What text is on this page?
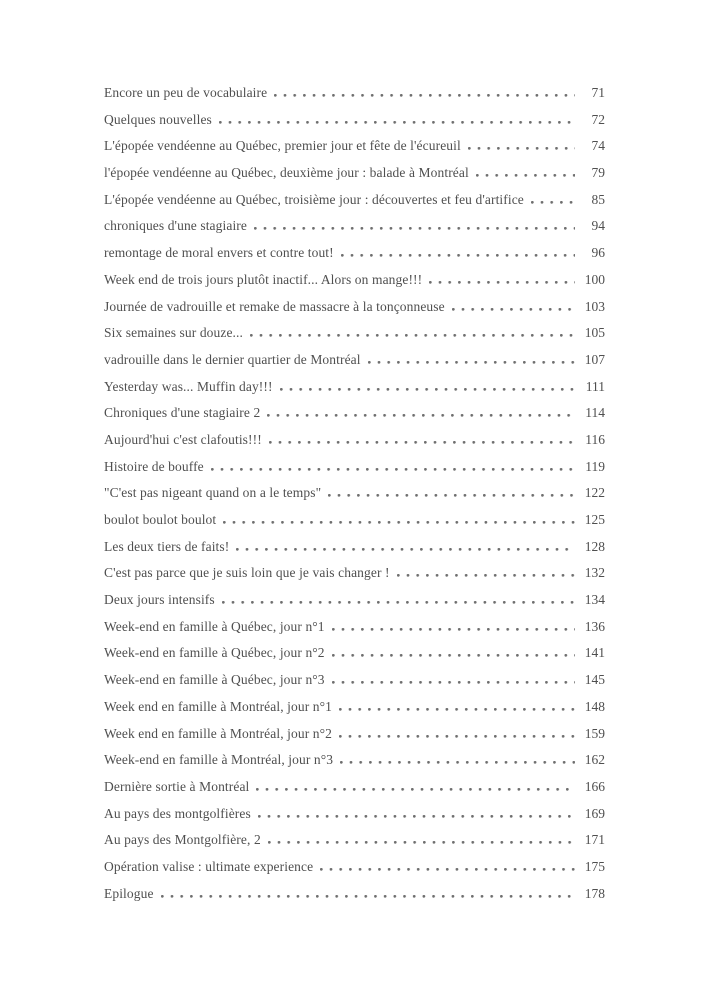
Encore un peu de vocabulaire	71
Quelques nouvelles	72
L'épopée vendéenne au Québec, premier jour et fête de l'écureuil	74
l'épopée vendéenne au Québec, deuxième jour : balade à Montréal	79
L'épopée vendéenne au Québec, troisième jour : découvertes et feu d'artifice	85
chroniques d'une stagiaire	94
remontage de moral envers et contre tout!	96
Week end de trois jours plutôt inactif... Alors on mange!!!	100
Journée de vadrouille et remake de massacre à la tonçonneuse	103
Six semaines sur douze...	105
vadrouille dans le dernier quartier de Montréal	107
Yesterday was... Muffin day!!!	111
Chroniques d'une stagiaire 2	114
Aujourd'hui c'est clafoutis!!!	116
Histoire de bouffe	119
"C'est pas nigeant quand on a le temps"	122
boulot boulot boulot	125
Les deux tiers de faits!	128
C'est pas parce que je suis loin que je vais changer !	132
Deux jours intensifs	134
Week-end en famille à Québec, jour n°1	136
Week-end en famille à Québec, jour n°2	141
Week-end en famille à Québec, jour n°3	145
Week end en famille à Montréal, jour n°1	148
Week end en famille à Montréal, jour n°2	159
Week-end en famille à Montréal, jour n°3	162
Dernière sortie à Montréal	166
Au pays des montgolfières	169
Au pays des Montgolfière, 2	171
Opération valise : ultimate experience	175
Epilogue	178
